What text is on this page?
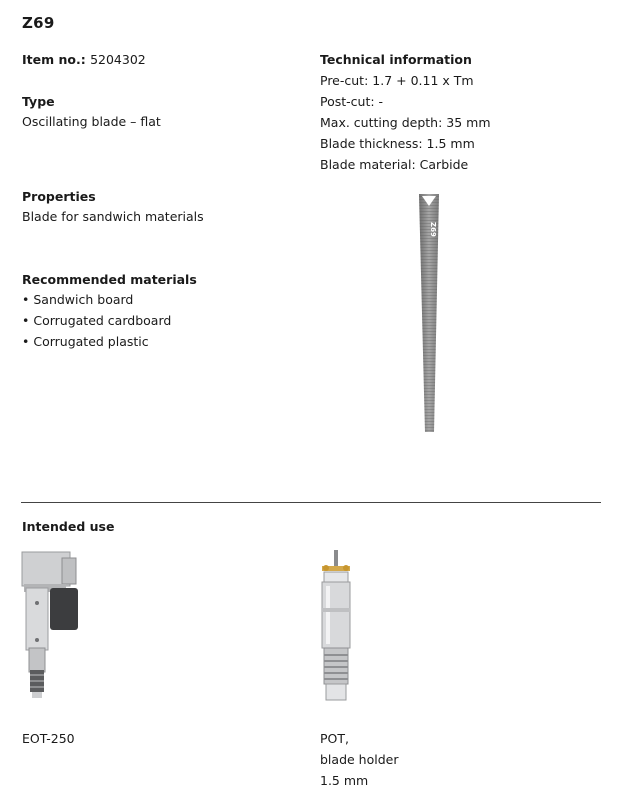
Z69
Item no.: 5204302
Type
Oscillating blade – flat
Properties
Blade for sandwich materials
Recommended materials
• Sandwich board
• Corrugated cardboard
• Corrugated plastic
Technical information
Pre-cut: 1.7 + 0.11 x Tm
Post-cut: -
Max. cutting depth: 35 mm
Blade thickness: 1.5 mm
Blade material: Carbide
Z69
Intended use
EOT-250	POT,
blade holder
1.5 mm
